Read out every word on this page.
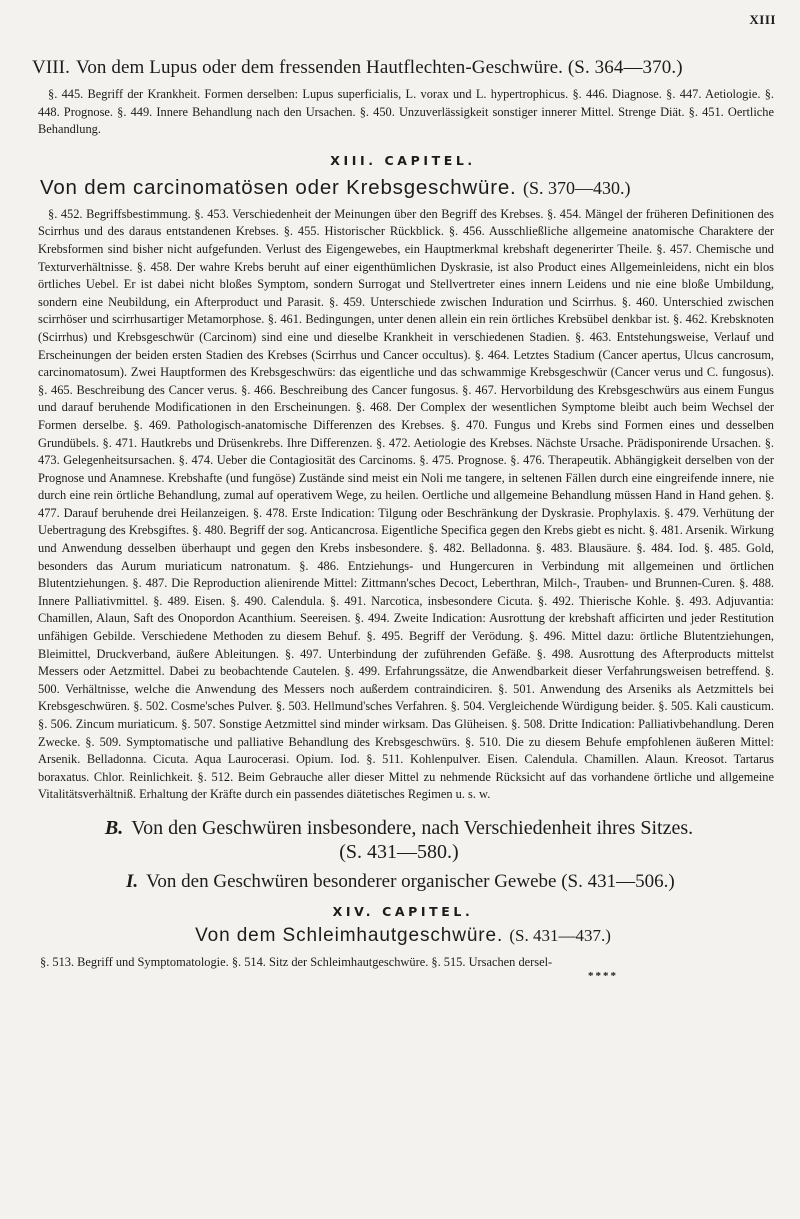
XIII
VIII. Von dem Lupus oder dem fressenden Hautflechten-Geschwüre. (S. 364—370.)

§. 445. Begriff der Krankheit. Formen derselben: Lupus superficialis, L. vorax und L. hypertrophicus. §. 446. Diagnose. §. 447. Aetiologie. §. 448. Prognose. §. 449. Innere Behandlung nach den Ursachen. §. 450. Unzuverlässigkeit sonstiger innerer Mittel. Strenge Diät. §. 451. Oertliche Behandlung.

XIII. CAPITEL.
Von dem carcinomatösen oder Krebsgeschwüre. (S. 370—430.)

§. 452. Begriffsbestimmung. §. 453. Verschiedenheit der Meinungen über den Begriff des Krebses. §. 454. Mängel der früheren Definitionen des Scirrhus und des daraus entstandenen Krebses. §. 455. Historischer Rückblick. §. 456. Ausschließliche allgemeine anatomische Charaktere der Krebsformen sind bisher nicht aufgefunden. Verlust des Eigengewebes, ein Hauptmerkmal krebshaft degenerirter Theile. §. 457. Chemische und Texturverhältnisse. §. 458. Der wahre Krebs beruht auf einer eigenthümlichen Dyskrasie, ist also Product eines Allgemeinleidens, nicht ein blos örtliches Uebel. Er ist dabei nicht bloßes Symptom, sondern Surrogat und Stellvertreter eines innern Leidens und nie eine bloße Umbildung, sondern eine Neubildung, ein Afterproduct und Parasit. §. 459. Unterschiede zwischen Induration und Scirrhus. §. 460. Unterschied zwischen scirrhöser und scirrhusartiger Metamorphose. §. 461. Bedingungen, unter denen allein ein rein örtliches Krebsübel denkbar ist. §. 462. Krebsknoten (Scirrhus) und Krebsgeschwür (Carcinom) sind eine und dieselbe Krankheit in verschiedenen Stadien. §. 463. Entstehungsweise, Verlauf und Erscheinungen der beiden ersten Stadien des Krebses (Scirrhus und Cancer occultus). §. 464. Letztes Stadium (Cancer apertus, Ulcus cancrosum, carcinomatosum). Zwei Hauptformen des Krebsgeschwürs: das eigentliche und das schwammige Krebsgeschwür (Cancer verus und C. fungosus). §. 465. Beschreibung des Cancer verus. §. 466. Beschreibung des Cancer fungosus. §. 467. Hervorbildung des Krebsgeschwürs aus einem Fungus und darauf beruhende Modificationen in den Erscheinungen. §. 468. Der Complex der wesentlichen Symptome bleibt auch beim Wechsel der Formen derselbe. §. 469. Pathologisch-anatomische Differenzen des Krebses. §. 470. Fungus und Krebs sind Formen eines und desselben Grundübels. §. 471. Hautkrebs und Drüsenkrebs. Ihre Differenzen. §. 472. Aetiologie des Krebses. Nächste Ursache. Prädisponirende Ursachen. §. 473. Gelegenheitsursachen. §. 474. Ueber die Contagiosität des Carcinoms. §. 475. Prognose. §. 476. Therapeutik. Abhängigkeit derselben von der Prognose und Anamnese. Krebshafte (und fungöse) Zustände sind meist ein Noli me tangere, in seltenen Fällen durch eine eingreifende innere, nie durch eine rein örtliche Behandlung, zumal auf operativem Wege, zu heilen. Oertliche und allgemeine Behandlung müssen Hand in Hand gehen. §. 477. Darauf beruhende drei Heilanzeigen. §. 478. Erste Indication: Tilgung oder Beschränkung der Dyskrasie. Prophylaxis. §. 479. Verhütung der Uebertragung des Krebsgiftes. §. 480. Begriff der sog. Anticancrosa. Eigentliche Specifica gegen den Krebs giebt es nicht. §. 481. Arsenik. Wirkung und Anwendung desselben überhaupt und gegen den Krebs insbesondere. §. 482. Belladonna. §. 483. Blausäure. §. 484. Iod. §. 485. Gold, besonders das Aurum muriaticum natronatum. §. 486. Entziehungs- und Hungercuren in Verbindung mit allgemeinen und örtlichen Blutentziehungen. §. 487. Die Reproduction alienirende Mittel: Zittmann'sches Decoct, Leberthran, Milch-, Trauben- und Brunnen-Curen. §. 488. Innere Palliativmittel. §. 489. Eisen. §. 490. Calendula. §. 491. Narcotica, insbesondere Cicuta. §. 492. Thierische Kohle. §. 493. Adjuvantia: Chamillen, Alaun, Saft des Onopordon Acanthium. Seereisen. §. 494. Zweite Indication: Ausrottung der krebshaft afficirten und jeder Restitution unfähigen Gebilde. Verschiedene Methoden zu diesem Behuf. §. 495. Begriff der Verödung. §. 496. Mittel dazu: örtliche Blutentziehungen, Bleimittel, Druckverband, äußere Ableitungen. §. 497. Unterbindung der zuführenden Gefäße. §. 498. Ausrottung des Afterproducts mittelst Messers oder Aetzmittel. Dabei zu beobachtende Cautelen. §. 499. Erfahrungssätze, die Anwendbarkeit dieser Verfahrungsweisen betreffend. §. 500. Verhältnisse, welche die Anwendung des Messers noch außerdem contraindiciren. §. 501. Anwendung des Arseniks als Aetzmittels bei Krebsgeschwüren. §. 502. Cosme'sches Pulver. §. 503. Hellmund'sches Verfahren. §. 504. Vergleichende Würdigung beider. §. 505. Kali causticum. §. 506. Zincum muriaticum. §. 507. Sonstige Aetzmittel sind minder wirksam. Das Glüheisen. §. 508. Dritte Indication: Palliativbehandlung. Deren Zwecke. §. 509. Symptomatische und palliative Behandlung des Krebsgeschwürs. §. 510. Die zu diesem Behufe empfohlenen äußeren Mittel: Arsenik. Belladonna. Cicuta. Aqua Laurocerasi. Opium. Iod. §. 511. Kohlenpulver. Eisen. Calendula. Chamillen. Alaun. Kreosot. Tartarus boraxatus. Chlor. Reinlichkeit. §. 512. Beim Gebrauche aller dieser Mittel zu nehmende Rücksicht auf das vorhandene örtliche und allgemeine Vitalitätsverhältniß. Erhaltung der Kräfte durch ein passendes diätetisches Regimen u. s. w.

B. Von den Geschwüren insbesondere, nach Verschiedenheit ihres Sitzes.
(S. 431—580.)
I. Von den Geschwüren besonderer organischer Gewebe (S. 431—506.)
XIV. CAPITEL.
Von dem Schleimhautgeschwüre. (S. 431—437.)
§. 513. Begriff und Symptomatologie. §. 514. Sitz der Schleimhautgeschwüre. §. 515. Ursachen dersel-
****
